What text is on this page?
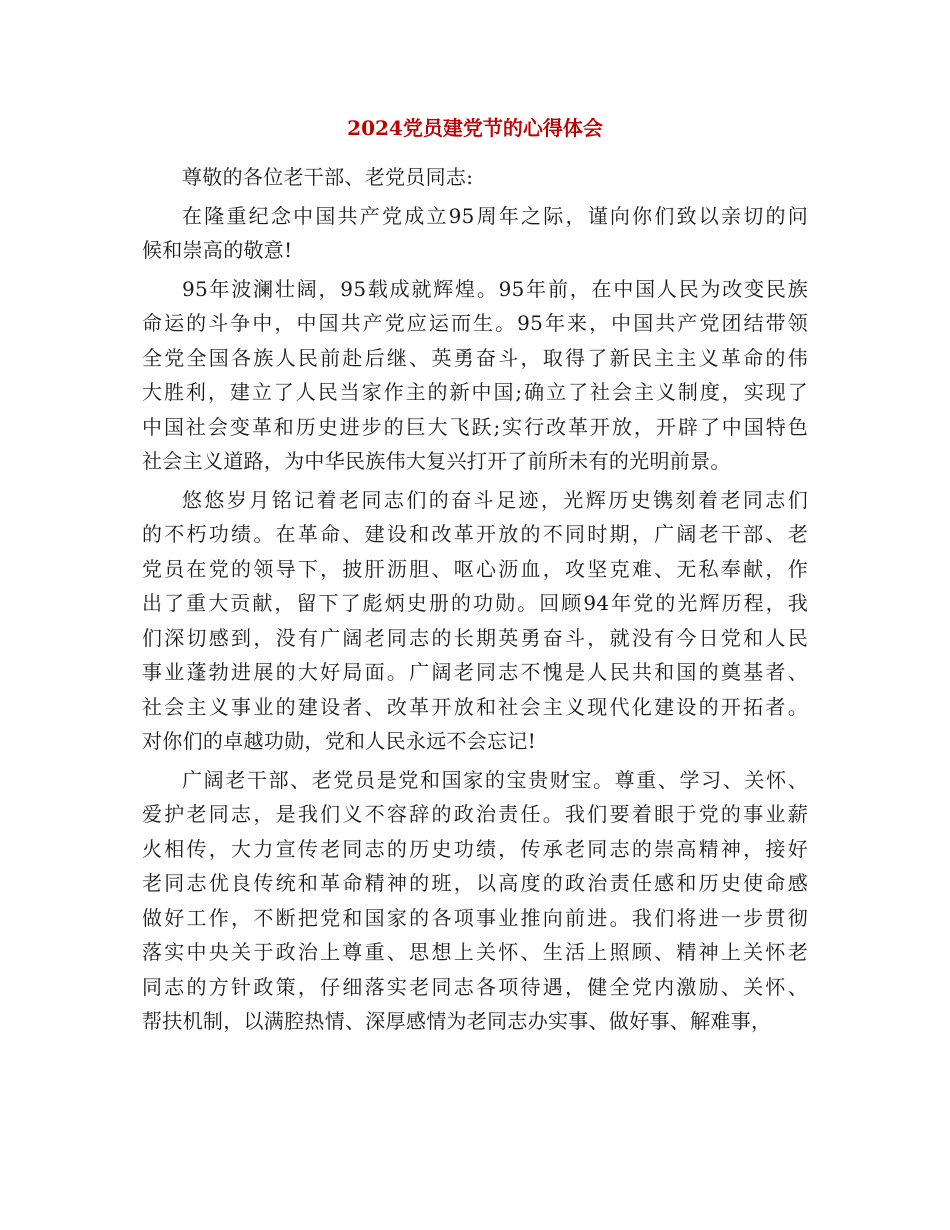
2024党员建党节的心得体会
尊敬的各位老干部、老党员同志:
在隆重纪念中国共产党成立95周年之际，谨向你们致以亲切的问
候和崇高的敬意!
95年波澜壮阔，95载成就辉煌。95年前，在中国人民为改变民族
命运的斗争中，中国共产党应运而生。95年来，中国共产党团结带领
全党全国各族人民前赴后继、英勇奋斗，取得了新民主主义革命的伟
大胜利，建立了人民当家作主的新中国;确立了社会主义制度，实现了
中国社会变革和历史进步的巨大飞跃;实行改革开放，开辟了中国特色
社会主义道路，为中华民族伟大复兴打开了前所未有的光明前景。
悠悠岁月铭记着老同志们的奋斗足迹，光辉历史镌刻着老同志们
的不朽功绩。在革命、建设和改革开放的不同时期，广阔老干部、老
党员在党的领导下，披肝沥胆、呕心沥血，攻坚克难、无私奉献，作
出了重大贡献，留下了彪炳史册的功勋。回顾94年党的光辉历程，我
们深切感到，没有广阔老同志的长期英勇奋斗，就没有今日党和人民
事业蓬勃进展的大好局面。广阔老同志不愧是人民共和国的奠基者、
社会主义事业的建设者、改革开放和社会主义现代化建设的开拓者。
对你们的卓越功勋，党和人民永远不会忘记!
广阔老干部、老党员是党和国家的宝贵财宝。尊重、学习、关怀、
爱护老同志，是我们义不容辞的政治责任。我们要着眼于党的事业薪
火相传，大力宣传老同志的历史功绩，传承老同志的崇高精神，接好
老同志优良传统和革命精神的班，以高度的政治责任感和历史使命感
做好工作，不断把党和国家的各项事业推向前进。我们将进一步贯彻
落实中央关于政治上尊重、思想上关怀、生活上照顾、精神上关怀老
同志的方针政策，仔细落实老同志各项待遇，健全党内激励、关怀、
帮扶机制，以满腔热情、深厚感情为老同志办实事、做好事、解难事，
